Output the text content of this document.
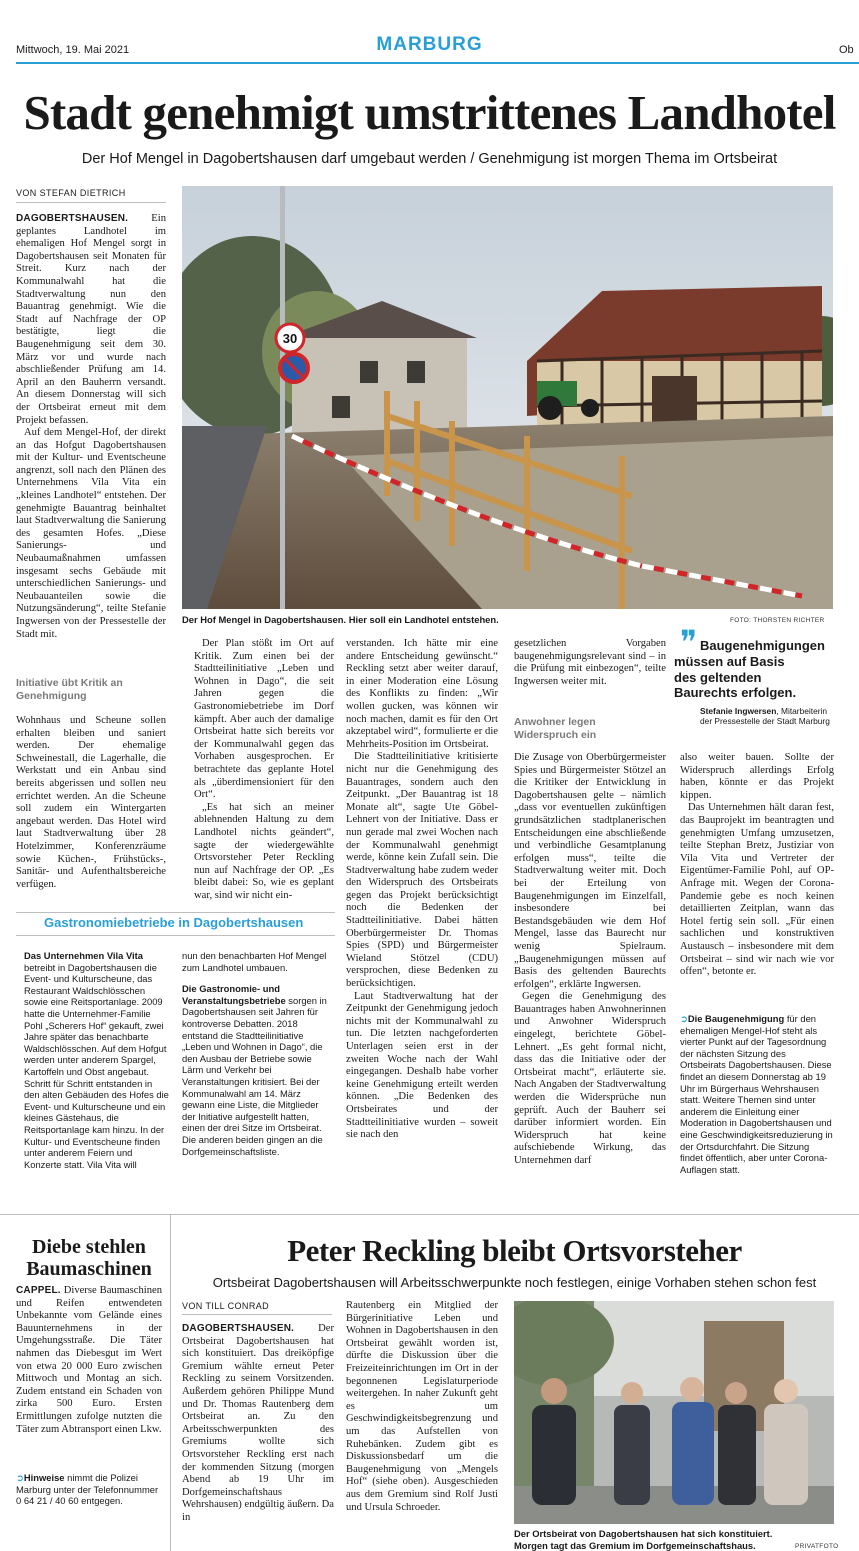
Mittwoch, 19. Mai 2021	MARBURG	Ob
Stadt genehmigt umstrittenes Landhotel
Der Hof Mengel in Dagobertshausen darf umgebaut werden / Genehmigung ist morgen Thema im Ortsbeirat
VON STEFAN DIETRICH

DAGOBERTSHAUSEN. Ein geplantes Landhotel im ehemaligen Hof Mengel sorgt in Dagobertshausen seit Monaten für Streit. Kurz nach der Kommunalwahl hat die Stadtverwaltung nun den Bauantrag genehmigt. Wie die Stadt auf Nachfrage der OP bestätigte, liegt die Baugenehmigung seit dem 30. März vor und wurde nach abschließender Prüfung am 14. April an den Bauherrn versandt. An diesem Donnerstag will sich der Ortsbeirat erneut mit dem Projekt befassen.

Auf dem Mengel-Hof, der direkt an das Hofgut Dagobertshausen mit der Kultur- und Eventscheune angrenzt, soll nach den Plänen des Unternehmens Vila Vita ein „kleines Landhotel“ entstehen. Der genehmigte Bauantrag beinhaltet laut Stadtverwaltung die Sanierung des gesamten Hofes. „Diese Sanierungs- und Neubaumaßnahmen umfassen insgesamt sechs Gebäude mit unterschiedlichen Sanierungs- und Neubauanteilen sowie die Nutzungsänderung“, teilte Stefanie Ingwersen von der Pressestelle der Stadt mit.

Initiative übt Kritik an Genehmigung

Wohnhaus und Scheune sollen erhalten bleiben und saniert werden. Der ehemalige Schweinestall, die Lagerhalle, die Werkstatt und ein Anbau sind bereits abgerissen und sollen neu errichtet werden. An die Scheune soll zudem ein Wintergarten angebaut werden. Das Hotel wird laut Stadtverwaltung über 28 Hotelzimmer, Konferenzräume sowie Küchen-, Frühstücks-, Sanitär- und Aufenthaltsbereiche verfügen.

30
Der Hof Mengel in Dagobertshausen. Hier soll ein Landhotel entstehen.	FOTO: THORSTEN RICHTER

Der Plan stößt im Ort auf Kritik. Zum einen bei der Stadtteilinitiative „Leben und Wohnen in Dago“, die seit Jahren gegen die Gastronomiebetriebe im Dorf kämpft. Aber auch der damalige Ortsbeirat hatte sich bereits vor der Kommunalwahl gegen das Vorhaben ausgesprochen. Er betrachtete das geplante Hotel als „überdimensioniert für den Ort“.

„Es hat sich an meiner ablehnenden Haltung zu dem Landhotel nichts geändert“, sagte der wiedergewählte Ortsvorsteher Peter Reckling nun auf Nachfrage der OP. „Es bleibt dabei: So, wie es geplant war, sind wir nicht ein-

verstanden. Ich hätte mir eine andere Entscheidung gewünscht.“ Reckling setzt aber weiter darauf, in einer Moderation eine Lösung des Konflikts zu finden: „Wir wollen gucken, was können wir noch machen, damit es für den Ort akzeptabel wird“, formulierte er die Mehrheits-Position im Ortsbeirat.

Die Stadtteilinitiative kritisierte nicht nur die Genehmigung des Bauantrages, sondern auch den Zeitpunkt. „Der Bauantrag ist 18 Monate alt“, sagte Ute Göbel-Lehnert von der Initiative. Dass er nun gerade mal zwei Wochen nach der Kommunalwahl genehmigt werde, könne kein Zufall sein. Die Stadtverwaltung habe zudem weder den Widerspruch des Ortsbeirats gegen das Projekt berücksichtigt noch die Bedenken der Stadtteilinitiative. Dabei hätten Oberbürgermeister Dr. Thomas Spies (SPD) und Bürgermeister Wieland Stötzel (CDU) versprochen, diese Bedenken zu berücksichtigen.

Laut Stadtverwaltung hat der Zeitpunkt der Genehmigung jedoch nichts mit der Kommunalwahl zu tun. Die letzten nachgeforderten Unterlagen seien erst in der zweiten Woche nach der Wahl eingegangen. Deshalb habe vorher keine Genehmigung erteilt werden können. „Die Bedenken des Ortsbeirates und der Stadtteilinitiative wurden – soweit sie nach den

gesetzlichen Vorgaben baugenehmigungsrelevant sind – in die Prüfung mit einbezogen“, teilte Ingwersen weiter mit.

Anwohner legen Widerspruch ein

Die Zusage von Oberbürgermeister Spies und Bürgermeister Stötzel an die Kritiker der Entwicklung in Dagobertshausen gelte – nämlich „dass vor eventuellen zukünftigen grundsätzlichen stadtplanerischen Entscheidungen eine abschließende und verbindliche Gesamtplanung erfolgen muss“, teilte die Stadtverwaltung weiter mit. Doch bei der Erteilung von Baugenehmigungen im Einzelfall, insbesondere bei Bestandsgebäuden wie dem Hof Mengel, lasse das Baurecht nur wenig Spielraum. „Baugenehmigungen müssen auf Basis des geltenden Baurechts erfolgen“, erklärte Ingwersen.

Gegen die Genehmigung des Bauantrages haben Anwohnerinnen und Anwohner Widerspruch eingelegt, berichtete Göbel-Lehnert. „Es geht formal nicht, dass das die Initiative oder der Ortsbeirat macht“, erläuterte sie. Nach Angaben der Stadtverwaltung werden die Widersprüche nun geprüft. Auch der Bauherr sei darüber informiert worden. Ein Widerspruch hat keine aufschiebende Wirkung, das Unternehmen darf

❞ Baugenehmigungen müssen auf Basis des geltenden Baurechts erfolgen.
Stefanie Ingwersen, Mitarbeiterin der Pressestelle der Stadt Marburg

also weiter bauen. Sollte der Widerspruch allerdings Erfolg haben, könnte er das Projekt kippen.

Das Unternehmen hält daran fest, das Bauprojekt im beantragten und genehmigten Umfang umzusetzen, teilte Stephan Bretz, Justiziar von Vila Vita und Vertreter der Eigentümer-Familie Pohl, auf OP-Anfrage mit. Wegen der Corona-Pandemie gebe es noch keinen detaillierten Zeitplan, wann das Hotel fertig sein soll. „Für einen sachlichen und konstruktiven Austausch – insbesondere mit dem Ortsbeirat – sind wir nach wie vor offen“, betonte er.

➲Die Baugenehmigung für den ehemaligen Mengel-Hof steht als vierter Punkt auf der Tagesordnung der nächsten Sitzung des Ortsbeirats Dagobertshausen. Diese findet an diesem Donnerstag ab 19 Uhr im Bürgerhaus Wehrshausen statt. Weitere Themen sind unter anderem die Einleitung einer Moderation in Dagobertshausen und eine Geschwindigkeitsreduzierung in der Ortsdurchfahrt. Die Sitzung findet öffentlich, aber unter Corona-Auflagen statt.
Gastronomiebetriebe in Dagobertshausen

Das Unternehmen Vila Vita betreibt in Dagobertshausen die Event- und Kulturscheune, das Restaurant Waldschlösschen sowie eine Reitsportanlage. 2009 hatte die Unternehmer-Familie Pohl „Scherers Hof“ gekauft, zwei Jahre später das benachbarte Waldschlösschen. Auf dem Hofgut werden unter anderem Spargel, Kartoffeln und Obst angebaut. Schritt für Schritt entstanden in den alten Gebäuden des Hofes die Event- und Kulturscheune und ein kleines Gästehaus, die Reitsportanlage kam hinzu. In der Kultur- und Eventscheune finden unter anderem Feiern und Konzerte statt. Vila Vita will

nun den benachbarten Hof Mengel zum Landhotel umbauen.

Die Gastronomie- und Veranstaltungsbetriebe sorgen in Dagobertshausen seit Jahren für kontroverse Debatten. 2018 entstand die Stadtteilinitiative „Leben und Wohnen in Dago“, die den Ausbau der Betriebe sowie Lärm und Verkehr bei Veranstaltungen kritisiert. Bei der Kommunalwahl am 14. März gewann eine Liste, die Mitglieder der Initiative aufgestellt hatten, einen der drei Sitze im Ortsbeirat. Die anderen beiden gingen an die Dorfgemeinschaftsliste.

Diebe stehlen Baumaschinen

CAPPEL. Diverse Baumaschinen und Reifen entwendeten Unbekannte vom Gelände eines Bauunternehmens in der Umgehungsstraße. Die Täter nahmen das Diebesgut im Wert von etwa 20 000 Euro zwischen Mittwoch und Montag an sich. Zudem entstand ein Schaden von zirka 500 Euro. Ersten Ermittlungen zufolge nutzten die Täter zum Abtransport einen Lkw.

➲Hinweise nimmt die Polizei Marburg unter der Telefonnummer 0 64 21 / 40 60 entgegen.
Peter Reckling bleibt Ortsvorsteher
Ortsbeirat Dagobertshausen will Arbeitsschwerpunkte noch festlegen, einige Vorhaben stehen schon fest
VON TILL CONRAD

DAGOBERTSHAUSEN. Der Ortsbeirat Dagobertshausen hat sich konstituiert. Das dreiköpfige Gremium wählte erneut Peter Reckling zu seinem Vorsitzenden. Außerdem gehören Philippe Mund und Dr. Thomas Rautenberg dem Ortsbeirat an. Zu den Arbeitsschwerpunkten des Gremiums wollte sich Ortsvorsteher Reckling erst nach der kommenden Sitzung (morgen Abend ab 19 Uhr im Dorfgemeinschaftshaus Wehrshausen) endgültig äußern. Da in

Rautenberg ein Mitglied der Bürgerinitiative Leben und Wohnen in Dagobertshausen in den Ortsbeirat gewählt worden ist, dürfte die Diskussion über die Freizeiteinrichtungen im Ort in der begonnenen Legislaturperiode weitergehen. In naher Zukunft geht es um Geschwindigkeitsbegrenzung und um das Aufstellen von Ruhebänken. Zudem gibt es Diskussionsbedarf um die Baugenehmigung von „Mengels Hof“ (siehe oben). Ausgeschieden aus dem Gremium sind Rolf Justi und Ursula Schroeder.

Der Ortsbeirat von Dagobertshausen hat sich konstituiert. Morgen tagt das Gremium im Dorfgemeinschaftshaus.	PRIVATFOTO
